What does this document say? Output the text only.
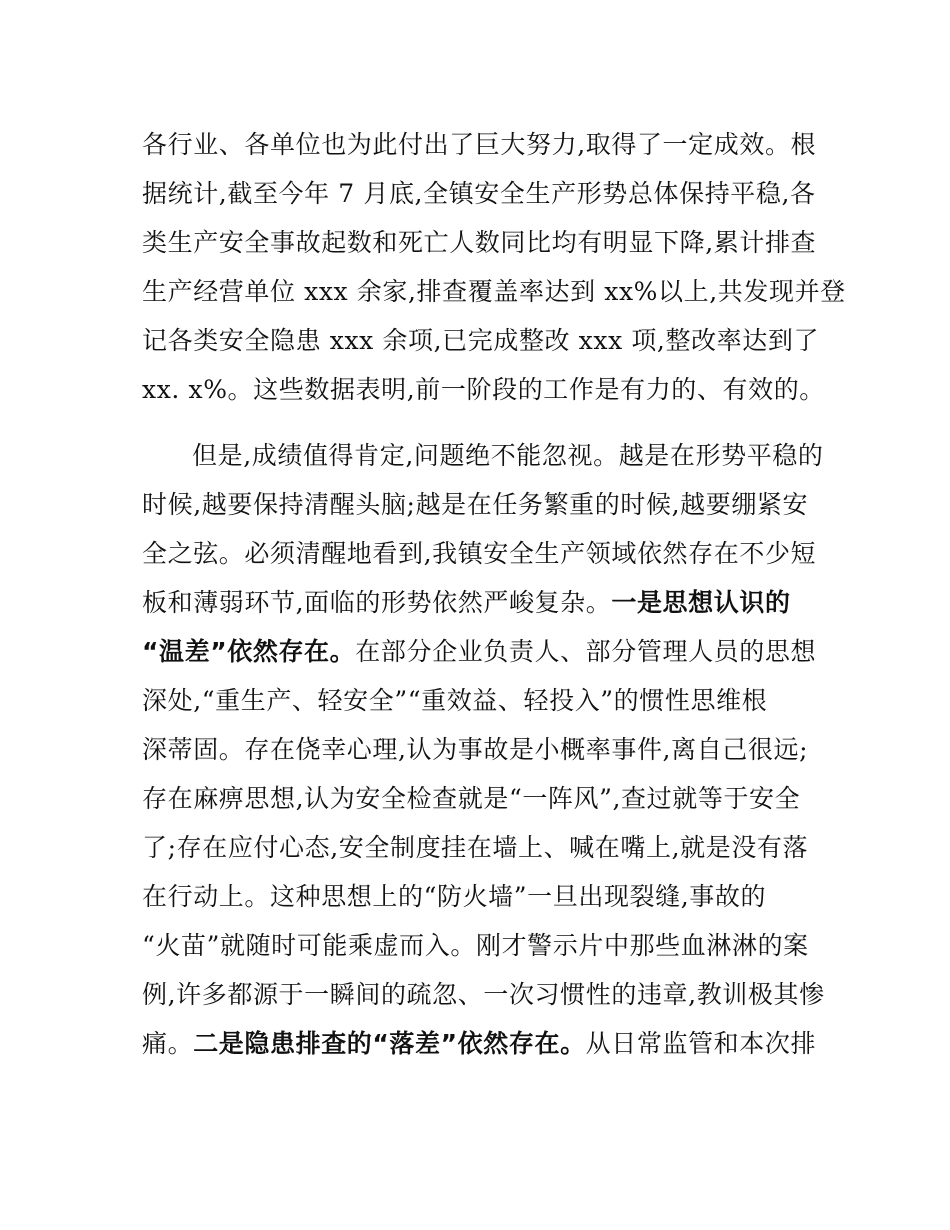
各行业、各单位也为此付出了巨大努力,取得了一定成效。根
据统计,截至今年 7 月底,全镇安全生产形势总体保持平稳,各
类生产安全事故起数和死亡人数同比均有明显下降,累计排查
生产经营单位 xxx 余家,排查覆盖率达到 xx%以上,共发现并登
记各类安全隐患 xxx 余项,已完成整改 xxx 项,整改率达到了
xx. x%。这些数据表明,前一阶段的工作是有力的、有效的。
但是,成绩值得肯定,问题绝不能忽视。越是在形势平稳的
时候,越要保持清醒头脑;越是在任务繁重的时候,越要绷紧安
全之弦。必须清醒地看到,我镇安全生产领域依然存在不少短
板和薄弱环节,面临的形势依然严峻复杂。一是思想认识的
“温差”依然存在。在部分企业负责人、部分管理人员的思想
深处,“重生产、轻安全”“重效益、轻投入”的惯性思维根
深蒂固。存在侥幸心理,认为事故是小概率事件,离自己很远;
存在麻痹思想,认为安全检查就是“一阵风”,查过就等于安全
了;存在应付心态,安全制度挂在墙上、喊在嘴上,就是没有落
在行动上。这种思想上的“防火墙”一旦出现裂缝,事故的
“火苗”就随时可能乘虚而入。刚才警示片中那些血淋淋的案
例,许多都源于一瞬间的疏忽、一次习惯性的违章,教训极其惨
痛。二是隐患排查的“落差”依然存在。从日常监管和本次排
